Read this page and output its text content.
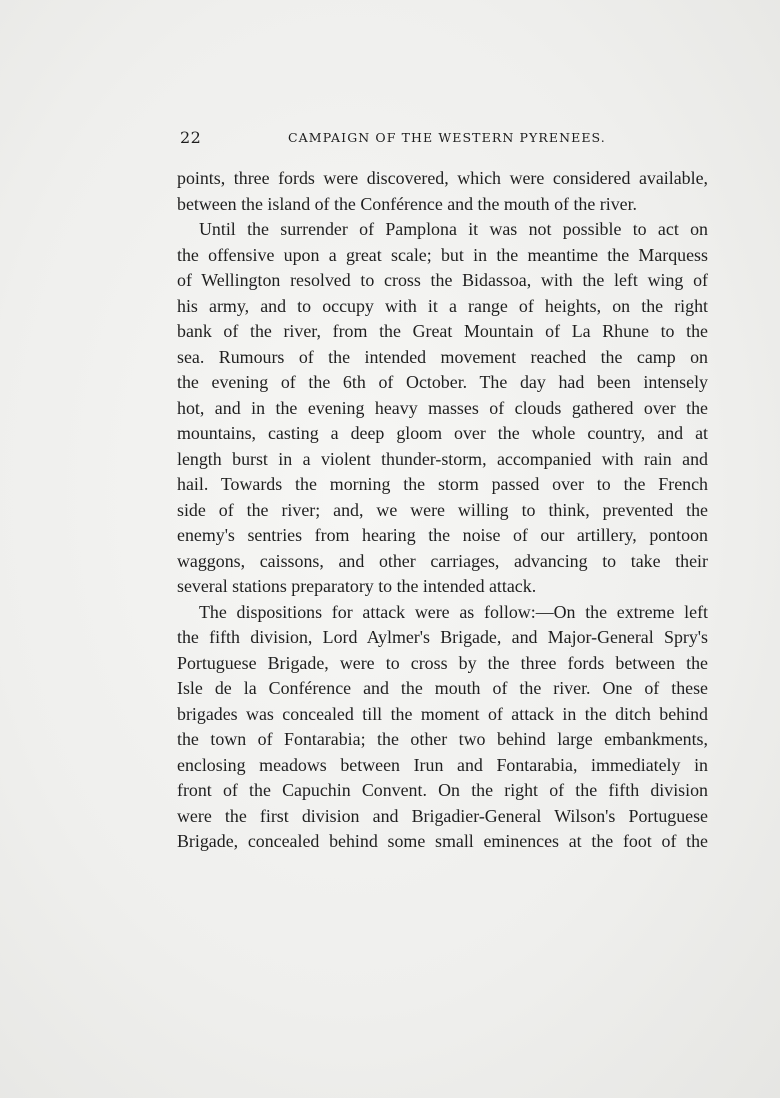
22	CAMPAIGN OF THE WESTERN PYRENEES.
points, three fords were discovered, which were considered available,
between the island of the Conférence and the mouth of the river.
Until the surrender of Pamplona it was not possible to act on
the offensive upon a great scale; but in the meantime the Marquess
of Wellington resolved to cross the Bidassoa, with the left wing of
his army, and to occupy with it a range of heights, on the right
bank of the river, from the Great Mountain of La Rhune to the
sea. Rumours of the intended movement reached the camp on
the evening of the 6th of October. The day had been intensely
hot, and in the evening heavy masses of clouds gathered over the
mountains, casting a deep gloom over the whole country, and at
length burst in a violent thunder-storm, accompanied with rain and
hail. Towards the morning the storm passed over to the French
side of the river; and, we were willing to think, prevented the
enemy's sentries from hearing the noise of our artillery, pontoon
waggons, caissons, and other carriages, advancing to take their
several stations preparatory to the intended attack.
The dispositions for attack were as follow:—On the extreme left
the fifth division, Lord Aylmer's Brigade, and Major-General Spry's
Portuguese Brigade, were to cross by the three fords between the
Isle de la Conférence and the mouth of the river. One of these
brigades was concealed till the moment of attack in the ditch behind
the town of Fontarabia; the other two behind large embankments,
enclosing meadows between Irun and Fontarabia, immediately in
front of the Capuchin Convent. On the right of the fifth division
were the first division and Brigadier-General Wilson's Portuguese
Brigade, concealed behind some small eminences at the foot of the
